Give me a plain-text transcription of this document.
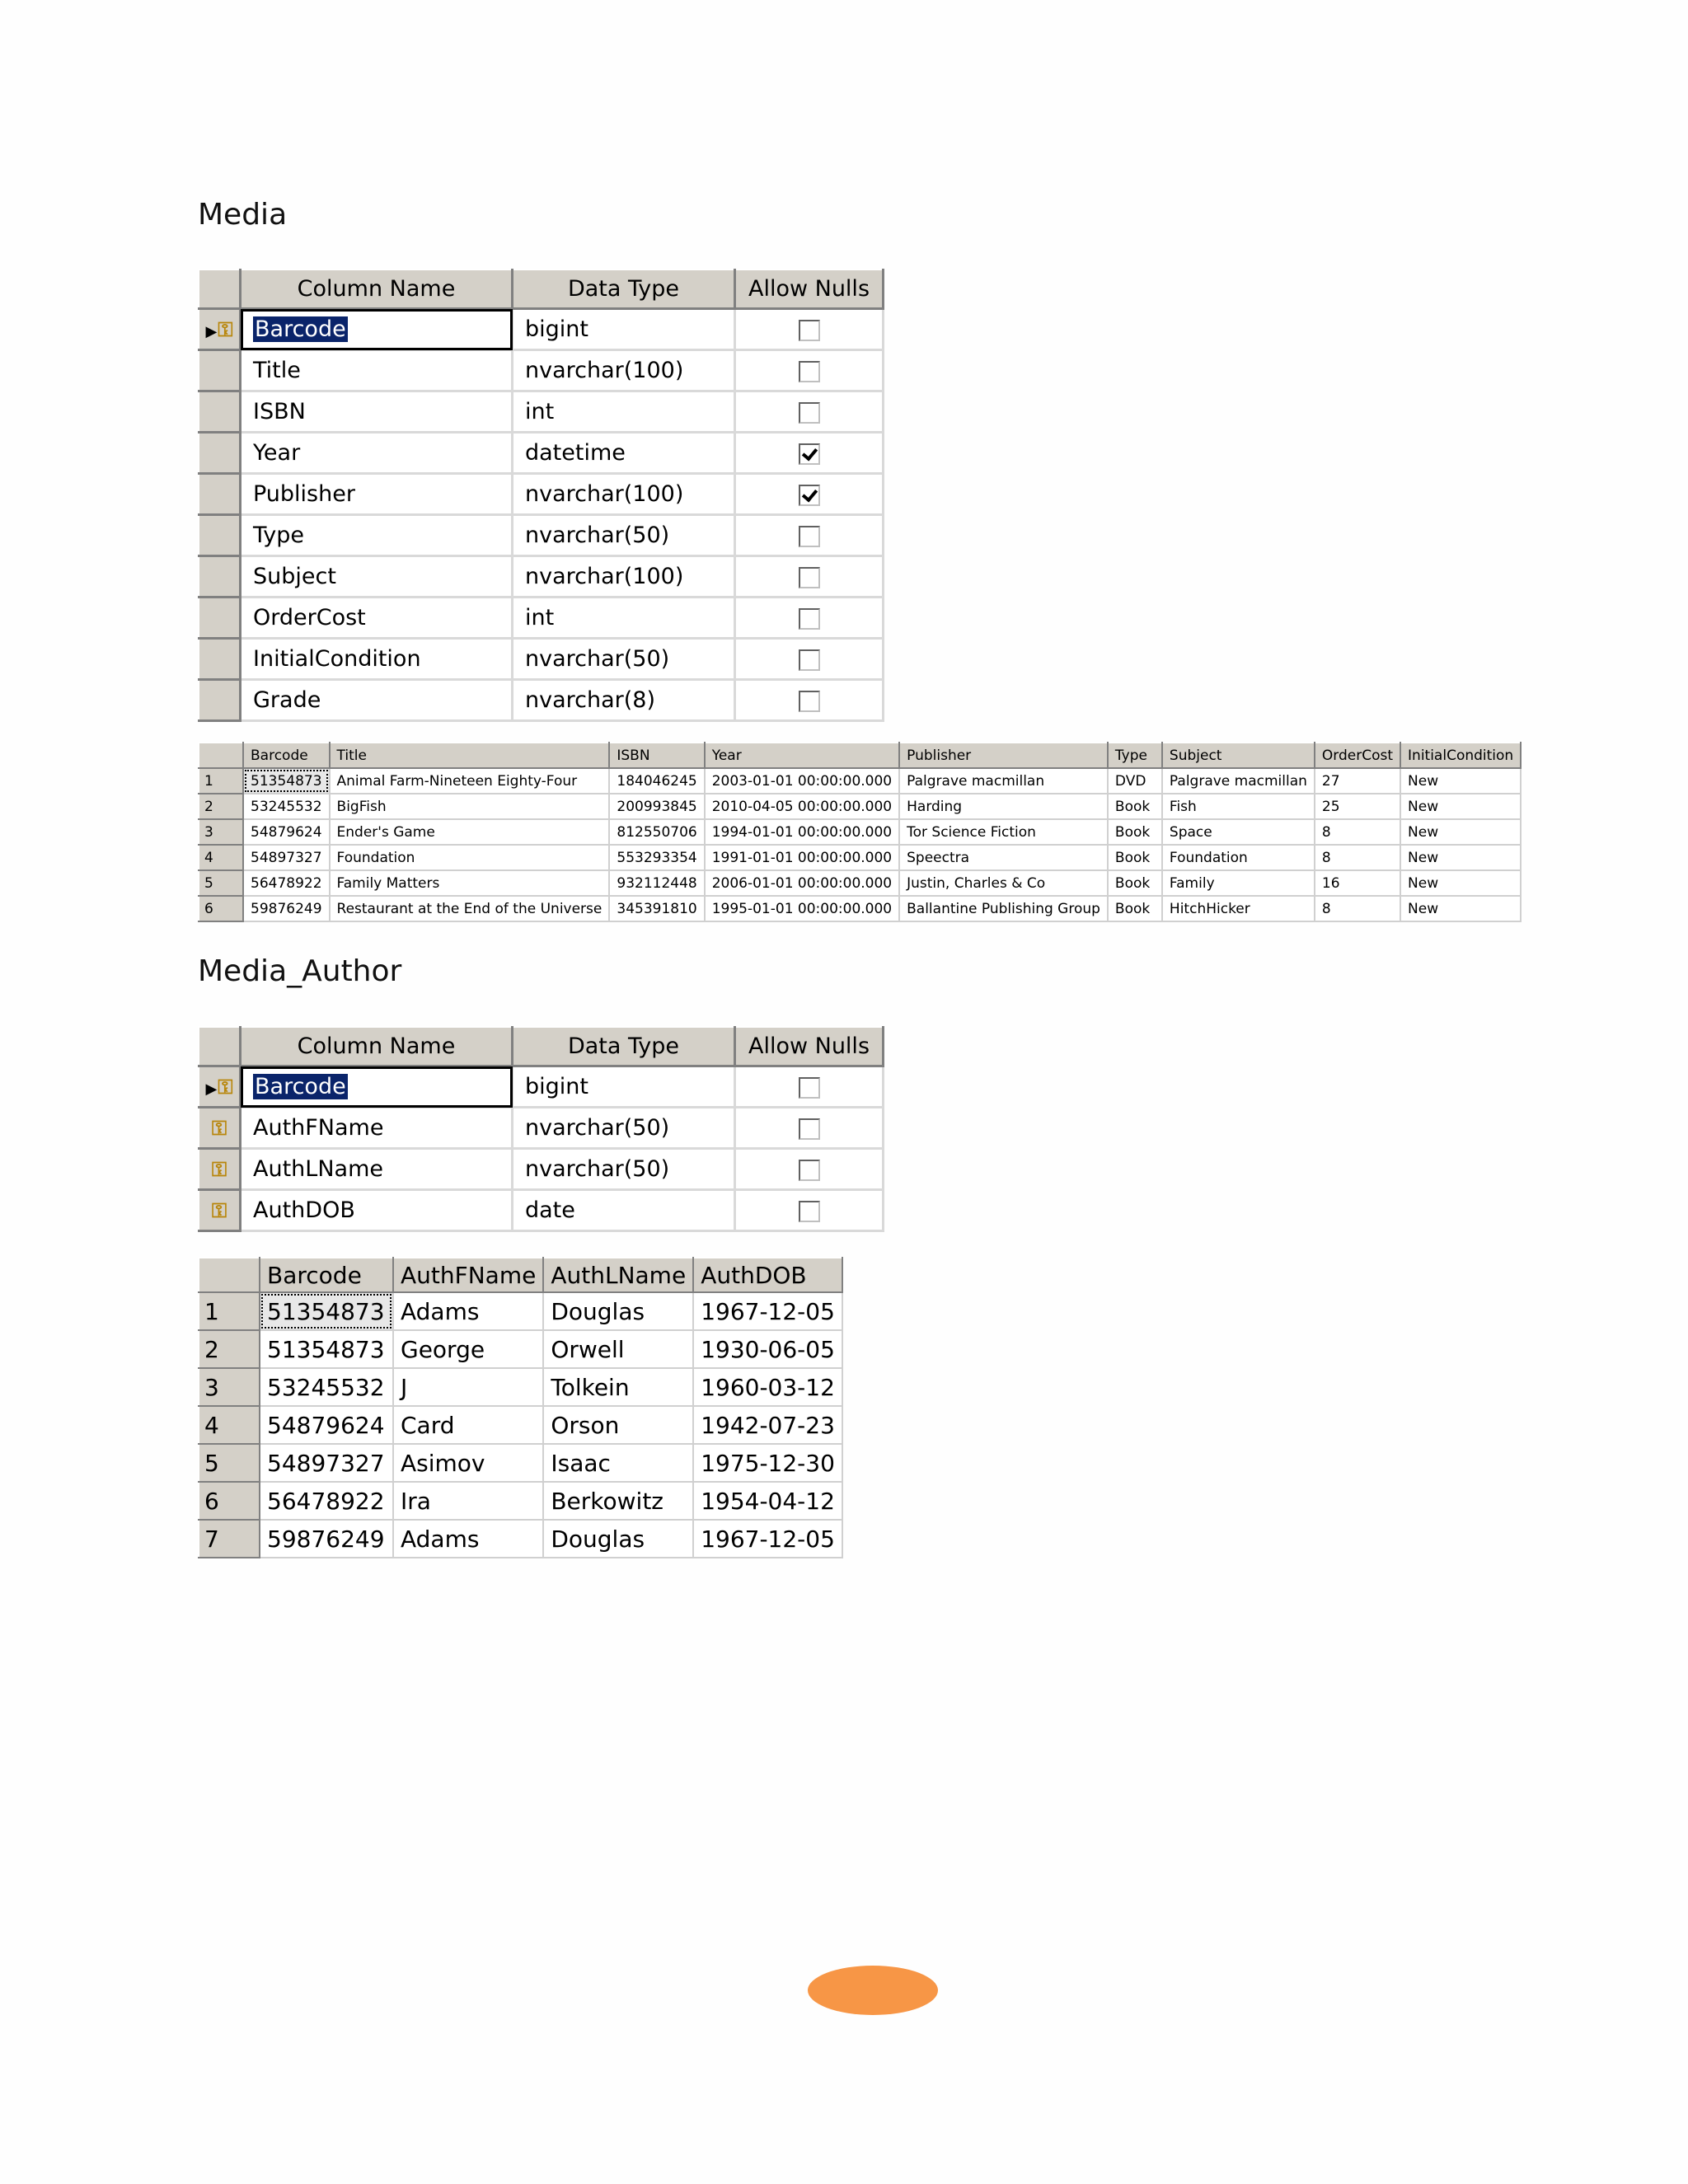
Media
	Column Name	Data Type	Allow Nulls
▶⚿	Barcode	bigint	
	Title	nvarchar(100)	
	ISBN	int	
	Year	datetime	
	Publisher	nvarchar(100)	
	Type	nvarchar(50)	
	Subject	nvarchar(100)	
	OrderCost	int	
	InitialCondition	nvarchar(50)	
	Grade	nvarchar(8)	
	Barcode	Title	ISBN	Year	Publisher	Type	Subject	OrderCost	InitialCondition
1	51354873	Animal Farm-Nineteen Eighty-Four	184046245	2003-01-01 00:00:00.000	Palgrave macmillan	DVD	Palgrave macmillan	27	New
2	53245532	BigFish	200993845	2010-04-05 00:00:00.000	Harding	Book	Fish	25	New
3	54879624	Ender's Game	812550706	1994-01-01 00:00:00.000	Tor Science Fiction	Book	Space	8	New
4	54897327	Foundation	553293354	1991-01-01 00:00:00.000	Speectra	Book	Foundation	8	New
5	56478922	Family Matters	932112448	2006-01-01 00:00:00.000	Justin, Charles & Co	Book	Family	16	New
6	59876249	Restaurant at the End of the Universe	345391810	1995-01-01 00:00:00.000	Ballantine Publishing Group	Book	HitchHicker	8	New
Media_Author
	Column Name	Data Type	Allow Nulls
▶⚿	Barcode	bigint	
⚿	AuthFName	nvarchar(50)	
⚿	AuthLName	nvarchar(50)	
⚿	AuthDOB	date	
	Barcode	AuthFName	AuthLName	AuthDOB
1	51354873	Adams	Douglas	1967-12-05
2	51354873	George	Orwell	1930-06-05
3	53245532	J	Tolkein	1960-03-12
4	54879624	Card	Orson	1942-07-23
5	54897327	Asimov	Isaac	1975-12-30
6	56478922	Ira	Berkowitz	1954-04-12
7	59876249	Adams	Douglas	1967-12-05
